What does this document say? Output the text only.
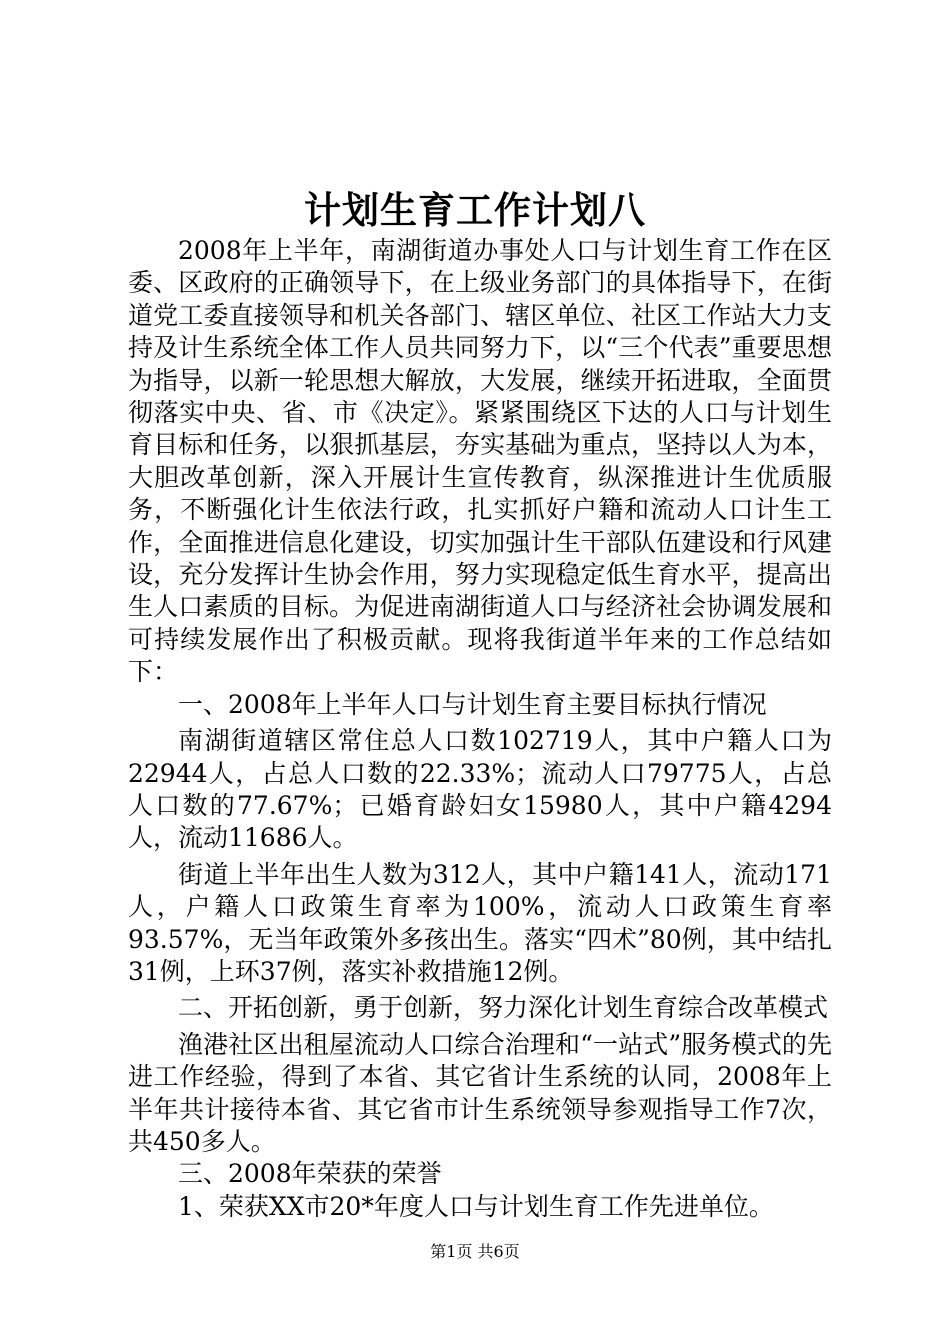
计划生育工作计划八

2008年上半年，南湖街道办事处人口与计划生育工作在区委、区政府的正确领导下，在上级业务部门的具体指导下，在街道党工委直接领导和机关各部门、辖区单位、社区工作站大力支持及计生系统全体工作人员共同努力下，以“三个代表”重要思想为指导，以新一轮思想大解放，大发展，继续开拓进取，全面贯彻落实中央、省、市《决定》。紧紧围绕区下达的人口与计划生育目标和任务，以狠抓基层，夯实基础为重点，坚持以人为本，大胆改革创新，深入开展计生宣传教育，纵深推进计生优质服务，不断强化计生依法行政，扎实抓好户籍和流动人口计生工作，全面推进信息化建设，切实加强计生干部队伍建设和行风建设，充分发挥计生协会作用，努力实现稳定低生育水平，提高出生人口素质的目标。为促进南湖街道人口与经济社会协调发展和可持续发展作出了积极贡献。现将我街道半年来的工作总结如下：

一、2008年上半年人口与计划生育主要目标执行情况

南湖街道辖区常住总人口数102719人，其中户籍人口为22944人，占总人口数的22.33%；流动人口79775人，占总人口数的77.67%；已婚育龄妇女15980人，其中户籍4294人，流动11686人。

街道上半年出生人数为312人，其中户籍141人，流动171人，户籍人口政策生育率为100%，流动人口政策生育率93.57%，无当年政策外多孩出生。落实“四术”80例，其中结扎31例，上环37例，落实补救措施12例。

二、开拓创新，勇于创新，努力深化计划生育综合改革模式

渔港社区出租屋流动人口综合治理和“一站式”服务模式的先进工作经验，得到了本省、其它省计生系统的认同，2008年上半年共计接待本省、其它省市计生系统领导参观指导工作7次，共450多人。

三、2008年荣获的荣誉

1、荣获XX市20*年度人口与计划生育工作先进单位。

第1页 共6页
